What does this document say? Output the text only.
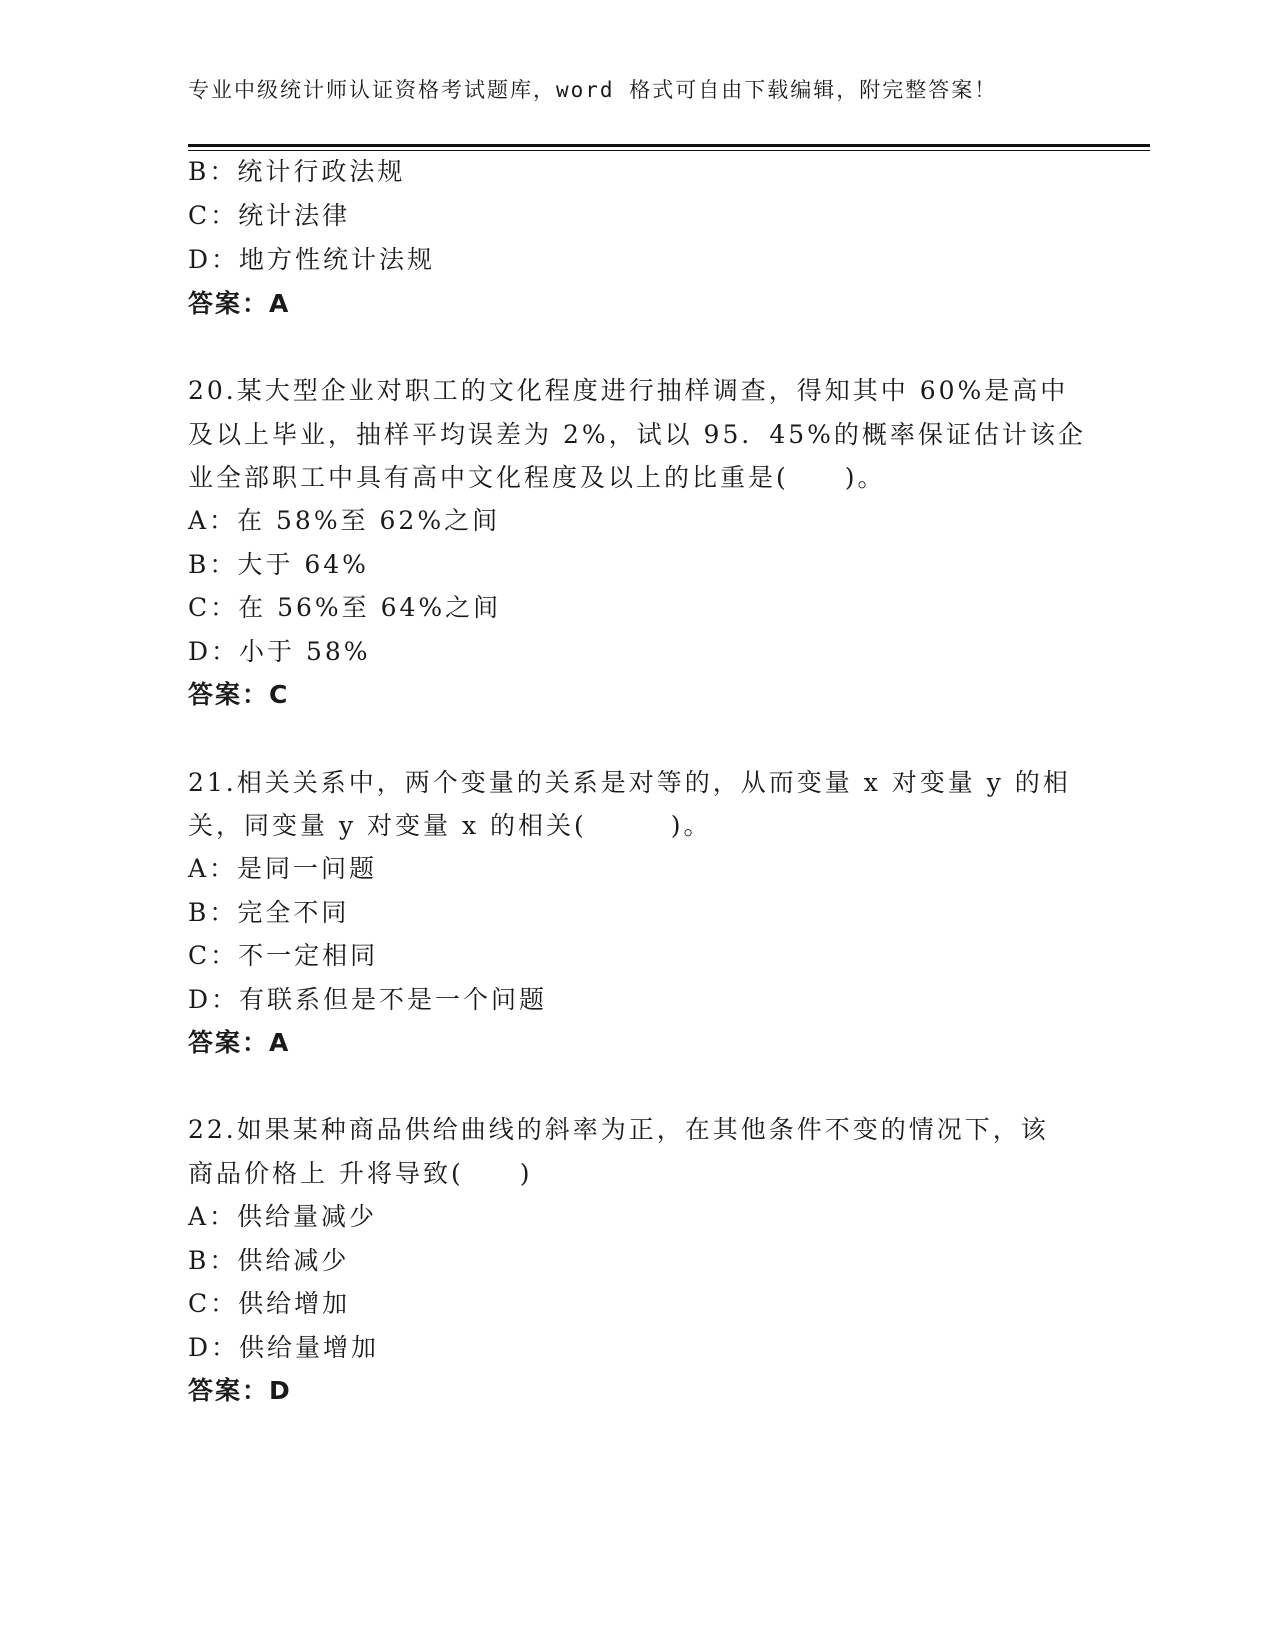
专业中级统计师认证资格考试题库，word 格式可自由下载编辑，附完整答案！
B：统计行政法规
C：统计法律
D：地方性统计法规
答案：A
20.某大型企业对职工的文化程度进行抽样调查，得知其中 60%是高中
及以上毕业，抽样平均误差为 2%，试以 95．45%的概率保证估计该企
业全部职工中具有高中文化程度及以上的比重是(　　)。
A：在 58%至 62%之间
B：大于 64%
C：在 56%至 64%之间
D：小于 58%
答案：C
21.相关关系中，两个变量的关系是对等的，从而变量 x 对变量 y 的相
关，同变量 y 对变量 x 的相关(　　　)。
A：是同一问题
B：完全不同
C：不一定相同
D：有联系但是不是一个问题
答案：A
22.如果某种商品供给曲线的斜率为正，在其他条件不变的情况下，该
商品价格上 升将导致(　　)
A：供给量减少
B：供给减少
C：供给增加
D：供给量增加
答案：D
